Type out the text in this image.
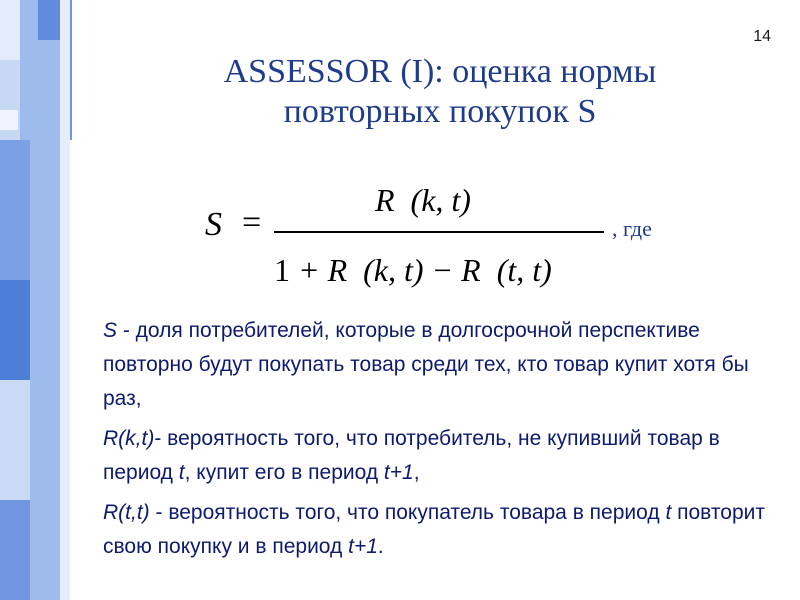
14
ASSESSOR (I): оценка нормы
повторных покупок S
S =
R  (k, t)
1 + R  (k, t) − R  (t, t)
, где

S - доля потребителей, которые в долгосрочной перспективе повторно будут покупать товар среди тех, кто товар купит хотя бы раз,

R(k,t)- вероятность того, что потребитель, не купивший товар в период t, купит его в период t+1,

R(t,t) - вероятность того, что покупатель товара в период t повторит свою покупку и в период t+1.
